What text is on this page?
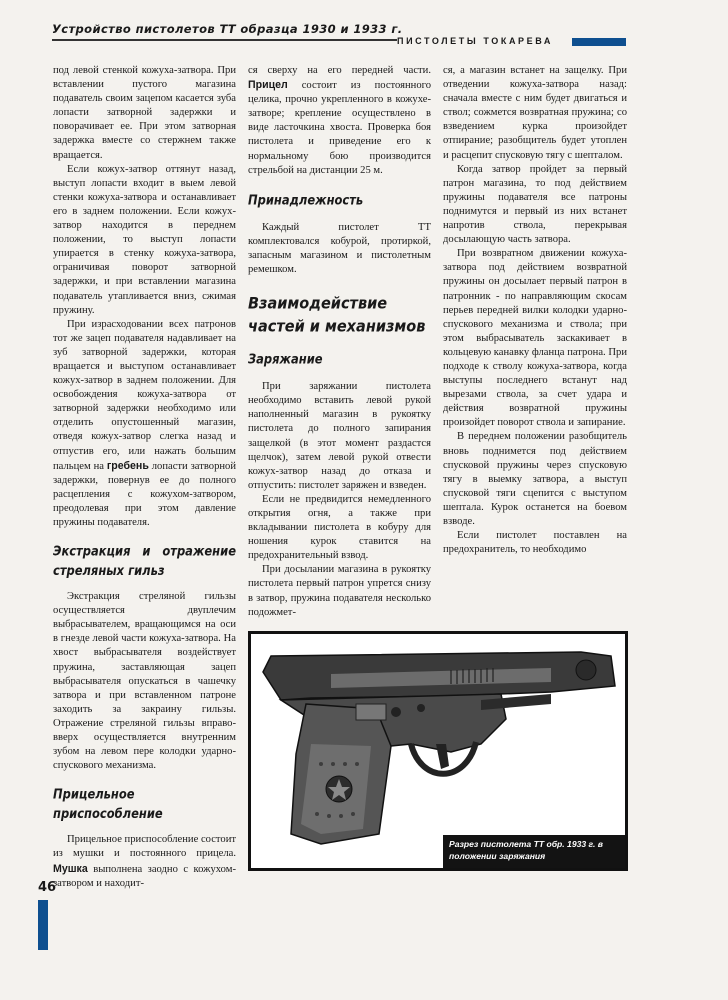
Устройство пистолетов ТТ образца 1930 и 1933 г.
ПИСТОЛЕТЫ ТОКАРЕВА

под левой стенкой кожуха-затвора. При вставлении пустого магазина подаватель своим зацепом касается зуба лопасти затворной задержки и поворачивает ее. При этом затворная задержка вместе со стержнем также вращается.

Если кожух-затвор оттянут назад, выступ лопасти входит в выем левой стенки кожуха-затвора и останавливает его в заднем положении. Если кожух-затвор находится в переднем положении, то выступ лопасти упирается в стенку кожуха-затвора, ограничивая поворот затворной задержки, и при вставлении магазина подаватель утапливается вниз, сжимая пружину.

При израсходовании всех патронов тот же зацеп подавателя надавливает на зуб затворной задержки, которая вращается и выступом останавливает кожух-затвор в заднем положении. Для освобождения кожуха-затвора от затворной задержки необходимо или отделить опустошенный магазин, отведя кожух-затвор слегка назад и отпустив его, или нажать большим пальцем на гребень лопасти затворной задержки, повернув ее до полного расцепления с кожухом-затвором, преодолевая при этом давление пружины подавателя.

Экстракция и отражение стреляных гильз

Экстракция стреляной гильзы осуществляется двуплечим выбрасывателем, вращающимся на оси в гнезде левой части кожуха-затвора. На хвост выбрасывателя воздействует пружина, заставляющая зацеп выбрасывателя опускаться в чашечку затвора и при вставленном патроне заходить за закраину гильзы. Отражение стреляной гильзы вправо-вверх осуществляется внутренним зубом на левом пере колодки ударно-спускового механизма.

Прицельное приспособление

Прицельное приспособление состоит из мушки и постоянного прицела. Мушка выполнена заодно с кожухом-затвором и находит-

ся сверху на его передней части. Прицел состоит из постоянного целика, прочно укрепленного в кожухе-затворе; крепление осуществлено в виде ласточкина хвоста. Проверка боя пистолета и приведение его к нормальному бою производится стрельбой на дистанции 25 м.

Принадлежность

Каждый пистолет ТТ комплектовался кобурой, протиркой, запасным магазином и пистолетным ремешком.

Взаимодействие частей и механизмов
Заряжание

При заряжании пистолета необходимо вставить левой рукой наполненный магазин в рукоятку пистолета до полного запирания защелкой (в этот момент раздастся щелчок), затем левой рукой отвести кожух-затвор назад до отказа и отпустить: пистолет заряжен и взведен.

Если не предвидится немедленного открытия огня, а также при вкладывании пистолета в кобуру для ношения курок ставится на предохранительный взвод.

При досылании магазина в рукоятку пистолета первый патрон упрется снизу в затвор, пружина подавателя несколько подожмет-

ся, а магазин встанет на защелку. При отведении кожуха-затвора назад: сначала вместе с ним будет двигаться и ствол; сожмется возвратная пружина; со взведением курка произойдет отпирание; разобщитель будет утоплен и расцепит спусковую тягу с шепталом.

Когда затвор пройдет за первый патрон магазина, то под действием пружины подавателя все патроны поднимутся и первый из них встанет напротив ствола, перекрывая досылающую часть затвора.

При возвратном движении кожуха-затвора под действием возвратной пружины он досылает первый патрон в патронник - по направляющим скосам перьев передней вилки колодки ударно-спускового механизма и ствола; при этом выбрасыватель заскакивает в кольцевую канавку фланца патрона. При подходе к стволу кожуха-затвора, когда выступы последнего встанут над вырезами ствола, за счет удара и действия возвратной пружины произойдет поворот ствола и запирание.

В переднем положении разобщитель вновь поднимется под действием спусковой пружины через спусковую тягу в выемку затвора, а выступ спусковой тяги сцепится с выступом шептала. Курок останется на боевом взводе.

Если пистолет поставлен на предохранитель, то необходимо

Разрез пистолета ТТ обр. 1933 г. в положении заряжания
46
